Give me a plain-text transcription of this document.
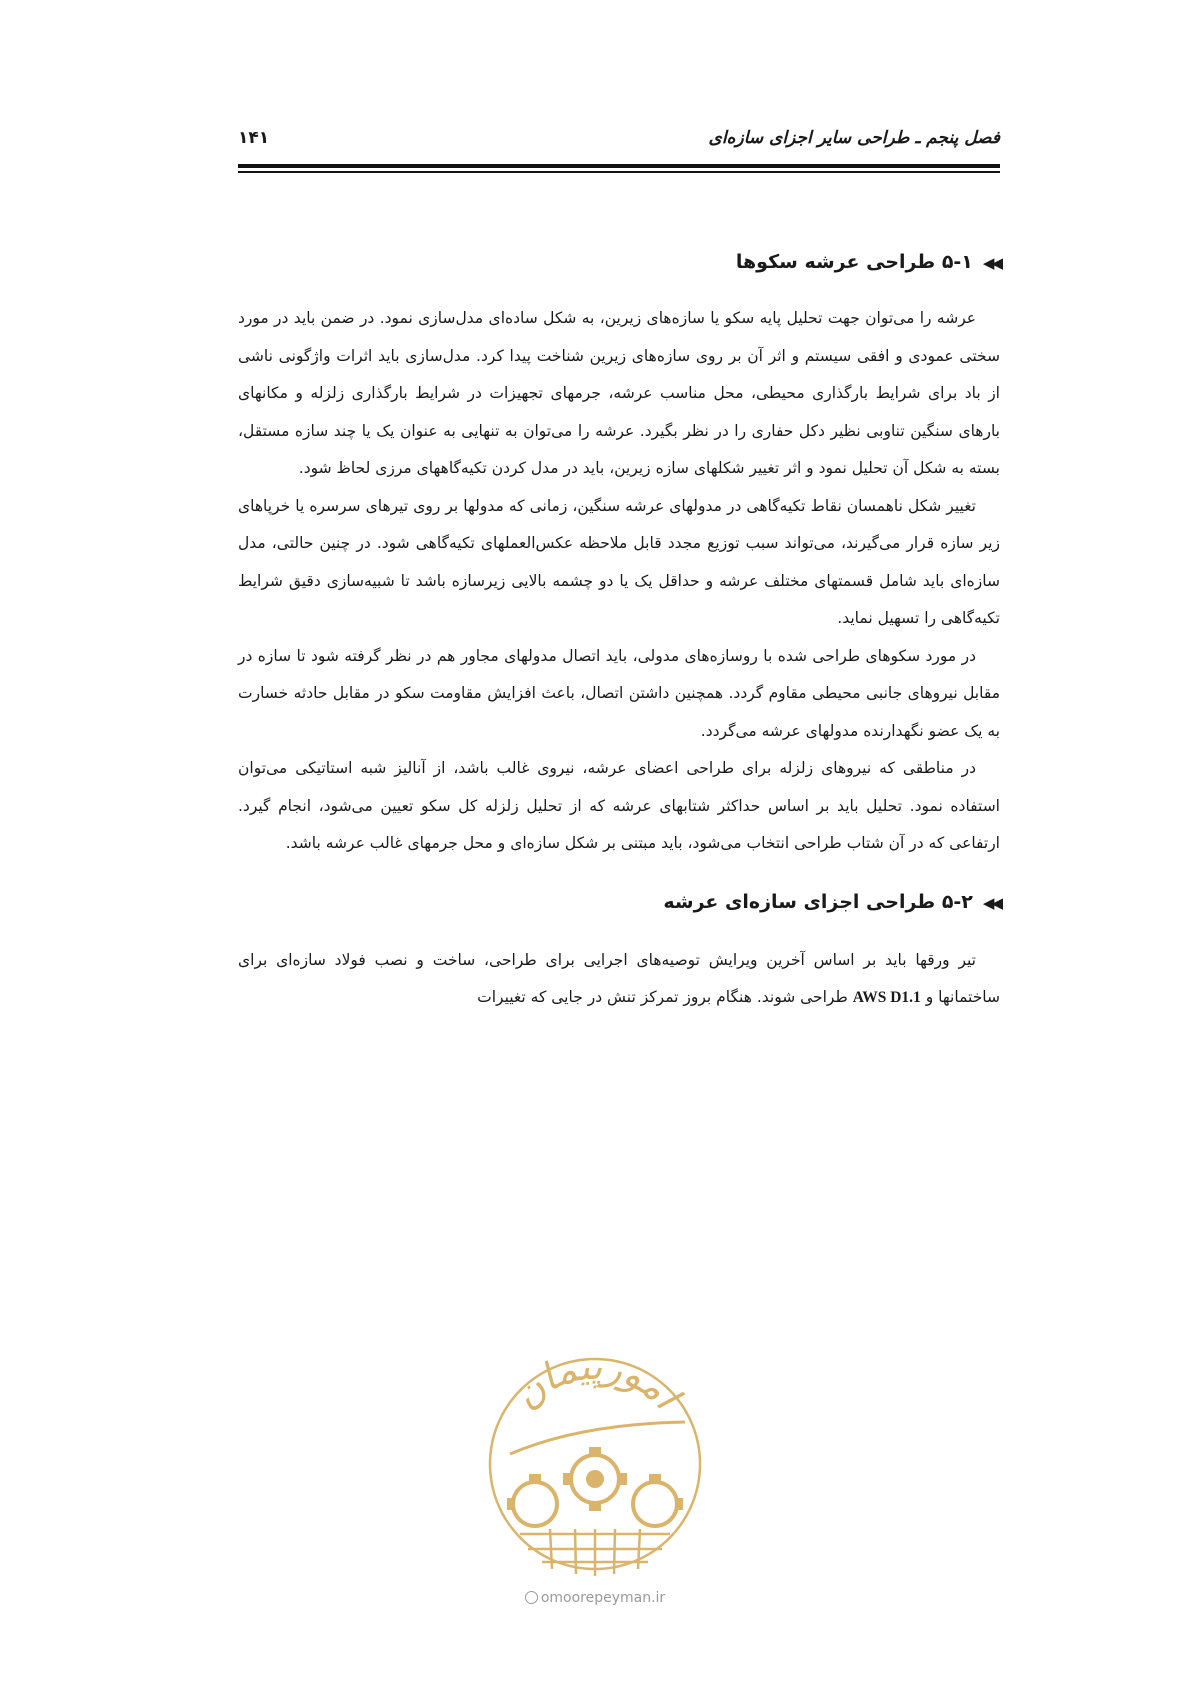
فصل پنجم ـ طراحی سایر اجزای سازه‌ای
۱۴۱
◀◀۵-۱ طراحی عرشه سکوها

عرشه را می‌توان جهت تحلیل پایه سکو یا سازه‌های زیرین، به شکل ساده‌ای مدل‌سازی نمود. در ضمن باید در مورد سختی عمودی و افقی سیستم و اثر آن بر روی سازه‌های زیرین شناخت پیدا کرد. مدل‌سازی باید اثرات واژگونی ناشی از باد برای شرایط بارگذاری محیطی، محل مناسب عرشه، جرمهای تجهیزات در شرایط بارگذاری زلزله و مکانهای بارهای سنگین تناوبی نظیر دکل حفاری را در نظر بگیرد. عرشه را می‌توان به تنهایی به عنوان یک یا چند سازه مستقل، بسته به شکل آن تحلیل نمود و اثر تغییر شکلهای سازه زیرین، باید در مدل کردن تکیه‌گاههای مرزی لحاظ شود.

تغییر شکل ناهمسان نقاط تکیه‌گاهی در مدولهای عرشه سنگین، زمانی که مدولها بر روی تیرهای سرسره یا خرپاهای زیر سازه قرار می‌گیرند، می‌تواند سبب توزیع مجدد قابل ملاحظه عکس‌العملهای تکیه‌گاهی شود. در چنین حالتی، مدل سازه‌ای باید شامل قسمتهای مختلف عرشه و حداقل یک یا دو چشمه بالایی زیرسازه باشد تا شبیه‌سازی دقیق شرایط تکیه‌گاهی را تسهیل نماید.

در مورد سکوهای طراحی شده با روسازه‌های مدولی، باید اتصال مدولهای مجاور هم در نظر گرفته شود تا سازه در مقابل نیروهای جانبی محیطی مقاوم گردد. همچنین داشتن اتصال، باعث افزایش مقاومت سکو در مقابل حادثه خسارت به یک عضو نگهدارنده مدولهای عرشه می‌گردد.

در مناطقی که نیروهای زلزله برای طراحی اعضای عرشه، نیروی غالب باشد، از آنالیز شبه استاتیکی می‌توان استفاده نمود. تحلیل باید بر اساس حداکثر شتابهای عرشه که از تحلیل زلزله کل سکو تعیین می‌شود، انجام گیرد. ارتفاعی که در آن شتاب طراحی انتخاب می‌شود، باید مبتنی بر شکل سازه‌ای و محل جرمهای غالب عرشه باشد.

◀◀۵-۲ طراحی اجزای سازه‌ای عرشه

تیر ورقها باید بر اساس آخرین ویرایش توصیه‌های اجرایی برای طراحی، ساخت و نصب فولاد سازه‌ای برای ساختمانها و AWS D1.1 طراحی شوند. هنگام بروز تمرکز تنش در جایی که تغییرات

امورپیمان
omoorepeyman.ir
